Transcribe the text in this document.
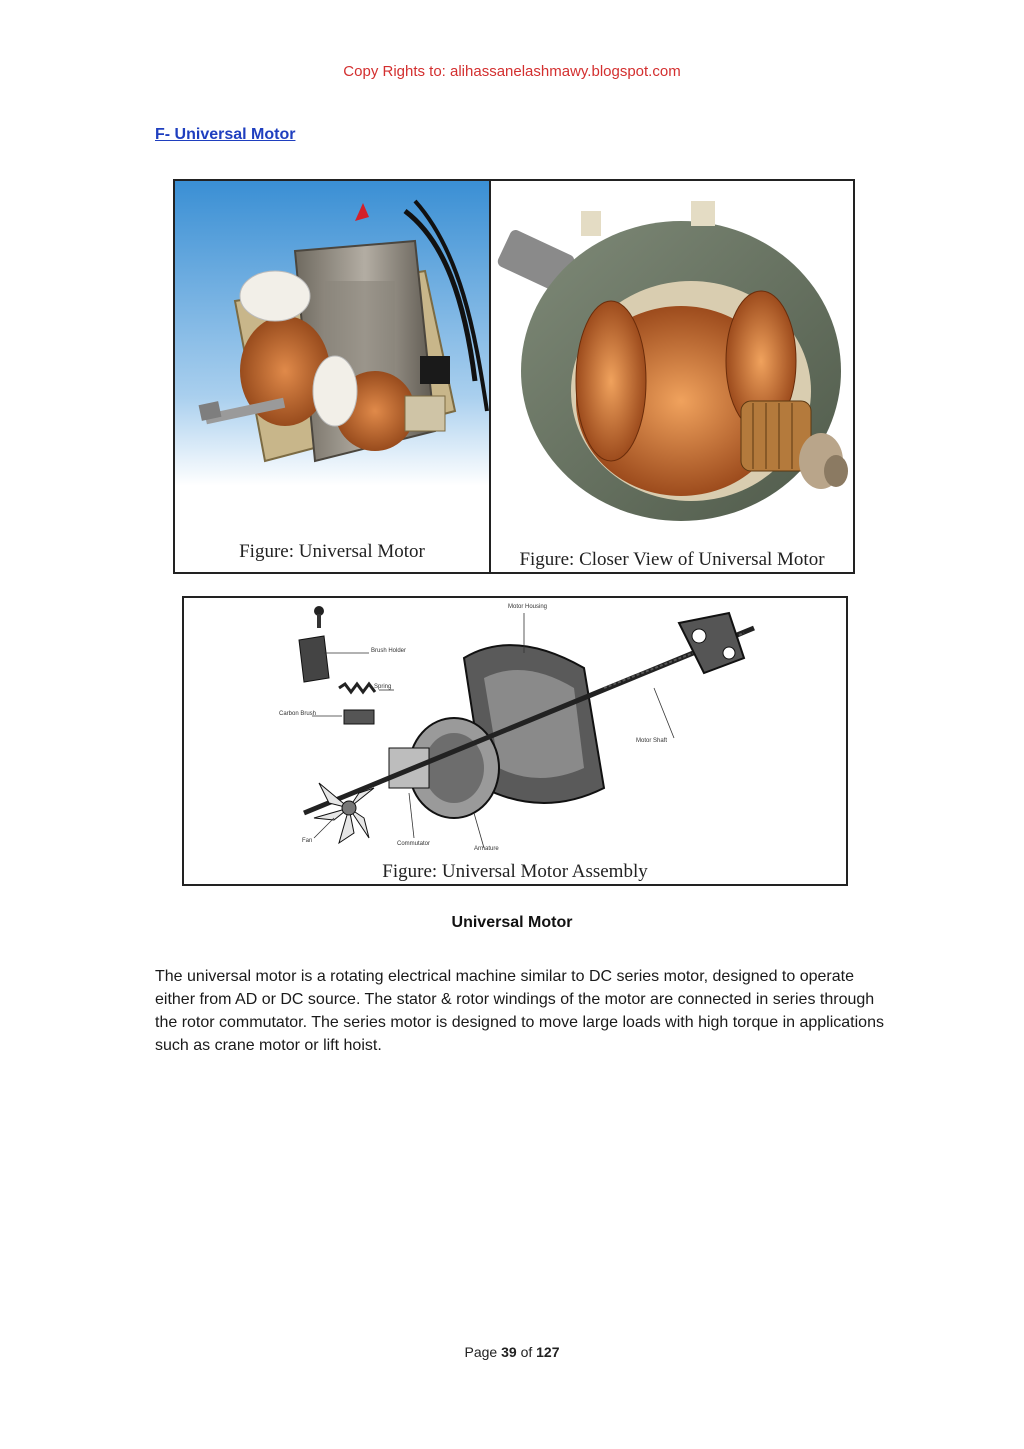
Copy Rights to: alihassanelashmawy.blogspot.com
F- Universal Motor
Figure: Universal Motor	Figure: Closer View of Universal Motor
Motor Housing
Brush Holder
Spring
Carbon Brush
Motor Shaft
Fan	Commutator
Armature
Figure: Universal Motor Assembly
Universal Motor
The universal motor is a rotating electrical machine similar to DC series motor, designed to operate either from AD or DC source. The stator & rotor windings of the motor are connected in series through the rotor commutator. The series motor is designed to move large loads with high torque in applications such as crane motor or lift hoist.
Page 39 of 127
